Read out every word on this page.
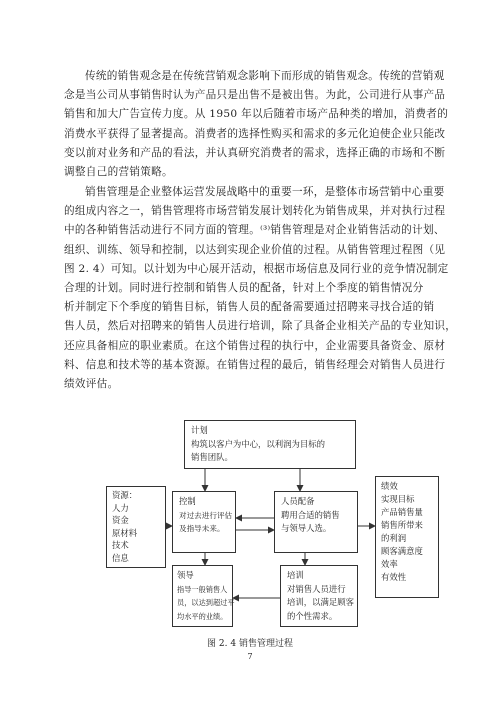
传统的销售观念是在传统营销观念影响下而形成的销售观念。传统的营销观
念是当公司从事销售时认为产品只是出售不是被出售。为此，公司进行从事产品
销售和加大广告宣传力度。从 1950 年以后随着市场产品种类的增加，消费者的
消费水平获得了显著提高。消费者的选择性购买和需求的多元化迫使企业只能改
变以前对业务和产品的看法，并认真研究消费者的需求，选择正确的市场和不断
调整自己的营销策略。
销售管理是企业整体运营发展战略中的重要一环，是整体市场营销中心重要
的组成内容之一，销售管理将市场营销发展计划转化为销售成果，并对执行过程
中的各种销售活动进行不同方面的管理。⁽³⁾销售管理是对企业销售活动的计划、
组织、训练、领导和控制，以达到实现企业价值的过程。从销售管理过程图（见
图 2. 4）可知。以计划为中心展开活动，根据市场信息及同行业的竞争情况制定
合理的计划。同时进行控制和销售人员的配备，针对上个季度的销售情况分
析并制定下个季度的销售目标，销售人员的配备需要通过招聘来寻找合适的销
售人员，然后对招聘来的销售人员进行培训，除了具备企业相关产品的专业知识，
还应具备相应的职业素质。在这个销售过程的执行中，企业需要具备资金、原材
料、信息和技术等的基本资源。在销售过程的最后，销售经理会对销售人员进行
绩效评估。
计划
构筑以客户为中心，以利润为目标的
销售团队。
资源：
人力
资金
原材料
技术
信息
控制
对过去进行评估
及指导未来。
人员配备
聘用合适的销售
与领导人选。
绩效
实现目标
产品销售量
销售所带来
的利润
顾客满意度
效率
有效性
领导
指导一般销售人
员，以达到超过平
均水平的业绩。
培训
对销售人员进行
培训，以满足顾客
的个性需求。
图 2. 4 销售管理过程
7
